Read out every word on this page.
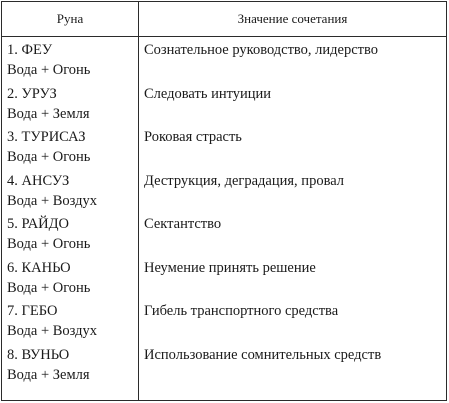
Руна	Значение сочетания
1. ФЕУ
Вода + Огонь
Сознательное руководство, лидерство
2. УРУЗ
Вода + Земля
Следовать интуиции
3. ТУРИСАЗ
Вода + Огонь
Роковая страсть
4. АНСУЗ
Вода + Воздух
Деструкция, деградация, провал
5. РАЙДО
Вода + Огонь
Сектантство
6. КАНЬО
Вода + Огонь
Неумение принять решение
7. ГЕБО
Вода + Воздух
Гибель транспортного средства
8. ВУНЬО
Вода + Земля
Использование сомнительных средств
